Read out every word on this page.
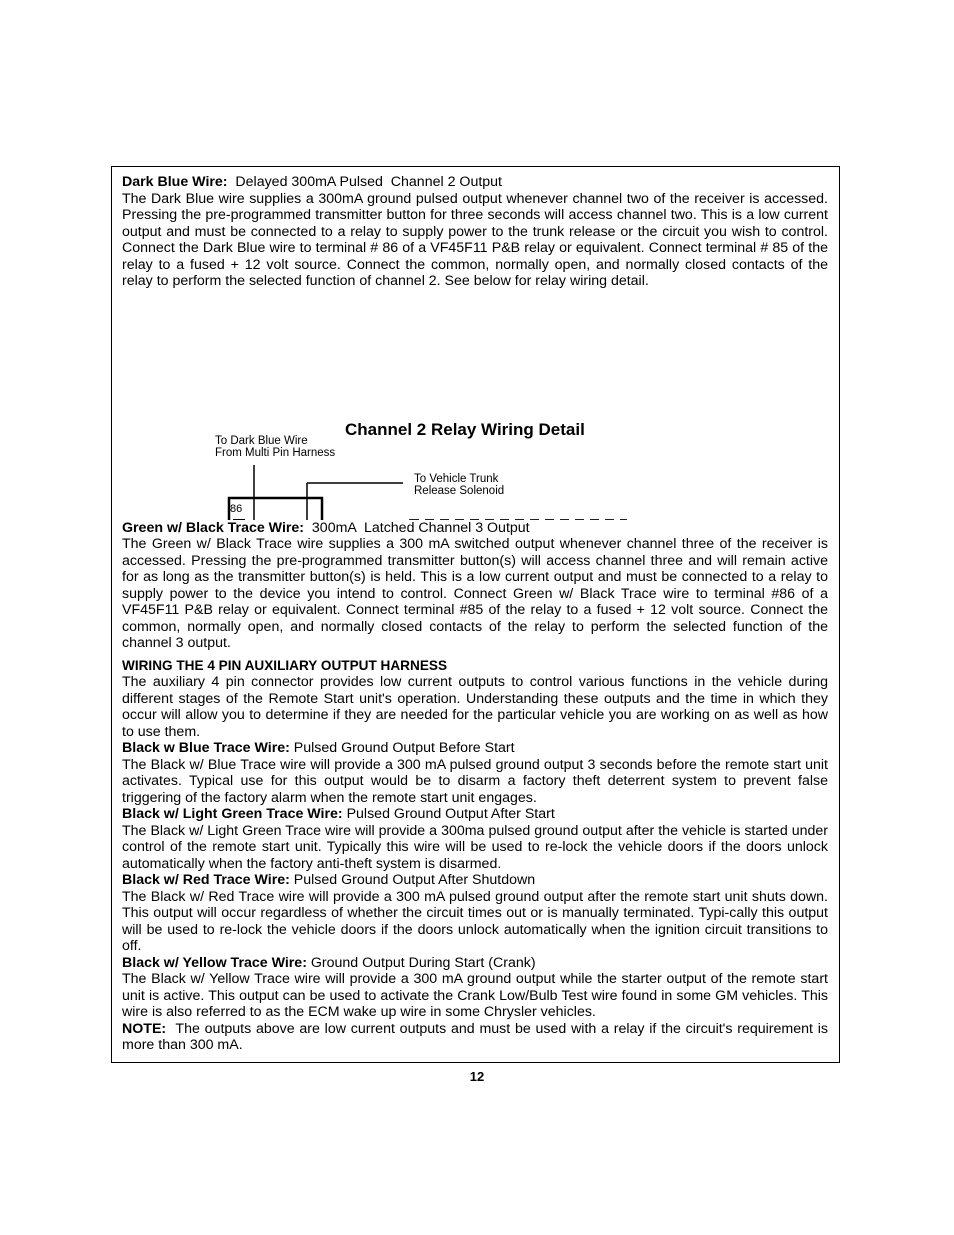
Dark Blue Wire:  Delayed 300mA Pulsed  Channel 2 Output

The Dark Blue wire supplies a 300mA ground pulsed output whenever channel two of the receiver is accessed. Pressing the pre-programmed transmitter button for three seconds will access channel two. This is a low current output and must be connected to a relay to supply power to the trunk release or the circuit you wish to control. Connect the Dark Blue wire to terminal # 86 of a VF45F11 P&B relay or equivalent. Connect terminal # 85 of the relay to a fused + 12 volt source. Connect the common, normally open, and normally closed contacts of the relay to perform the selected function of channel 2. See below for relay wiring detail.

To Dark Blue Wire
From Multi Pin Harness
To Vehicle Trunk
Release Solenoid
86
Channel 2 Relay Wiring Detail

Green w/ Black Trace Wire:  300mA  Latched Channel 3 Output

The Green w/ Black Trace wire supplies a 300 mA switched output whenever channel three of the receiver is accessed. Pressing the pre-programmed transmitter button(s) will access channel three and will remain active for as long as the transmitter button(s) is held. This is a low current output and must be connected to a relay to supply power to the device you intend to control. Connect Green w/ Black Trace wire to terminal #86 of a VF45F11 P&B relay or equivalent. Connect terminal #85 of the relay to a fused + 12 volt source. Connect the common, normally open, and normally closed contacts of the relay to perform the selected function of the channel 3 output.

WIRING THE 4 PIN AUXILIARY OUTPUT HARNESS

The auxiliary 4 pin connector provides low current outputs to control various functions in the vehicle during different stages of the Remote Start unit's operation. Understanding these outputs and the time in which they occur will allow you to determine if they are needed for the particular vehicle you are working on as well as how to use them.

Black w Blue Trace Wire: Pulsed Ground Output Before Start

The Black w/ Blue Trace wire will provide a 300 mA pulsed ground output 3 seconds before the remote start unit activates. Typical use for this output would be to disarm a factory theft deterrent system to prevent false triggering of the factory alarm when the remote start unit engages.

Black w/ Light Green Trace Wire: Pulsed Ground Output After Start

The Black w/ Light Green Trace wire will provide a 300ma pulsed ground output after the vehicle is started under control of the remote start unit. Typically this wire will be used to re-lock the vehicle doors if the doors unlock automatically when the factory anti-theft system is disarmed.

Black w/ Red Trace Wire: Pulsed Ground Output After Shutdown

The Black w/ Red Trace wire will provide a 300 mA pulsed ground output after the remote start unit shuts down. This output will occur regardless of whether the circuit times out or is manually terminated. Typi-cally this output will be used to re-lock the vehicle doors if the doors unlock automatically when the ignition circuit transitions to off.

Black w/ Yellow Trace Wire: Ground Output During Start (Crank)

The Black w/ Yellow Trace wire will provide a 300 mA ground output while the starter output of the remote start unit is active. This output can be used to activate the Crank Low/Bulb Test wire found in some GM vehicles. This wire is also referred to as the ECM wake up wire in some Chrysler vehicles.

NOTE:  The outputs above are low current outputs and must be used with a relay if the circuit's requirement is more than 300 mA.

12
